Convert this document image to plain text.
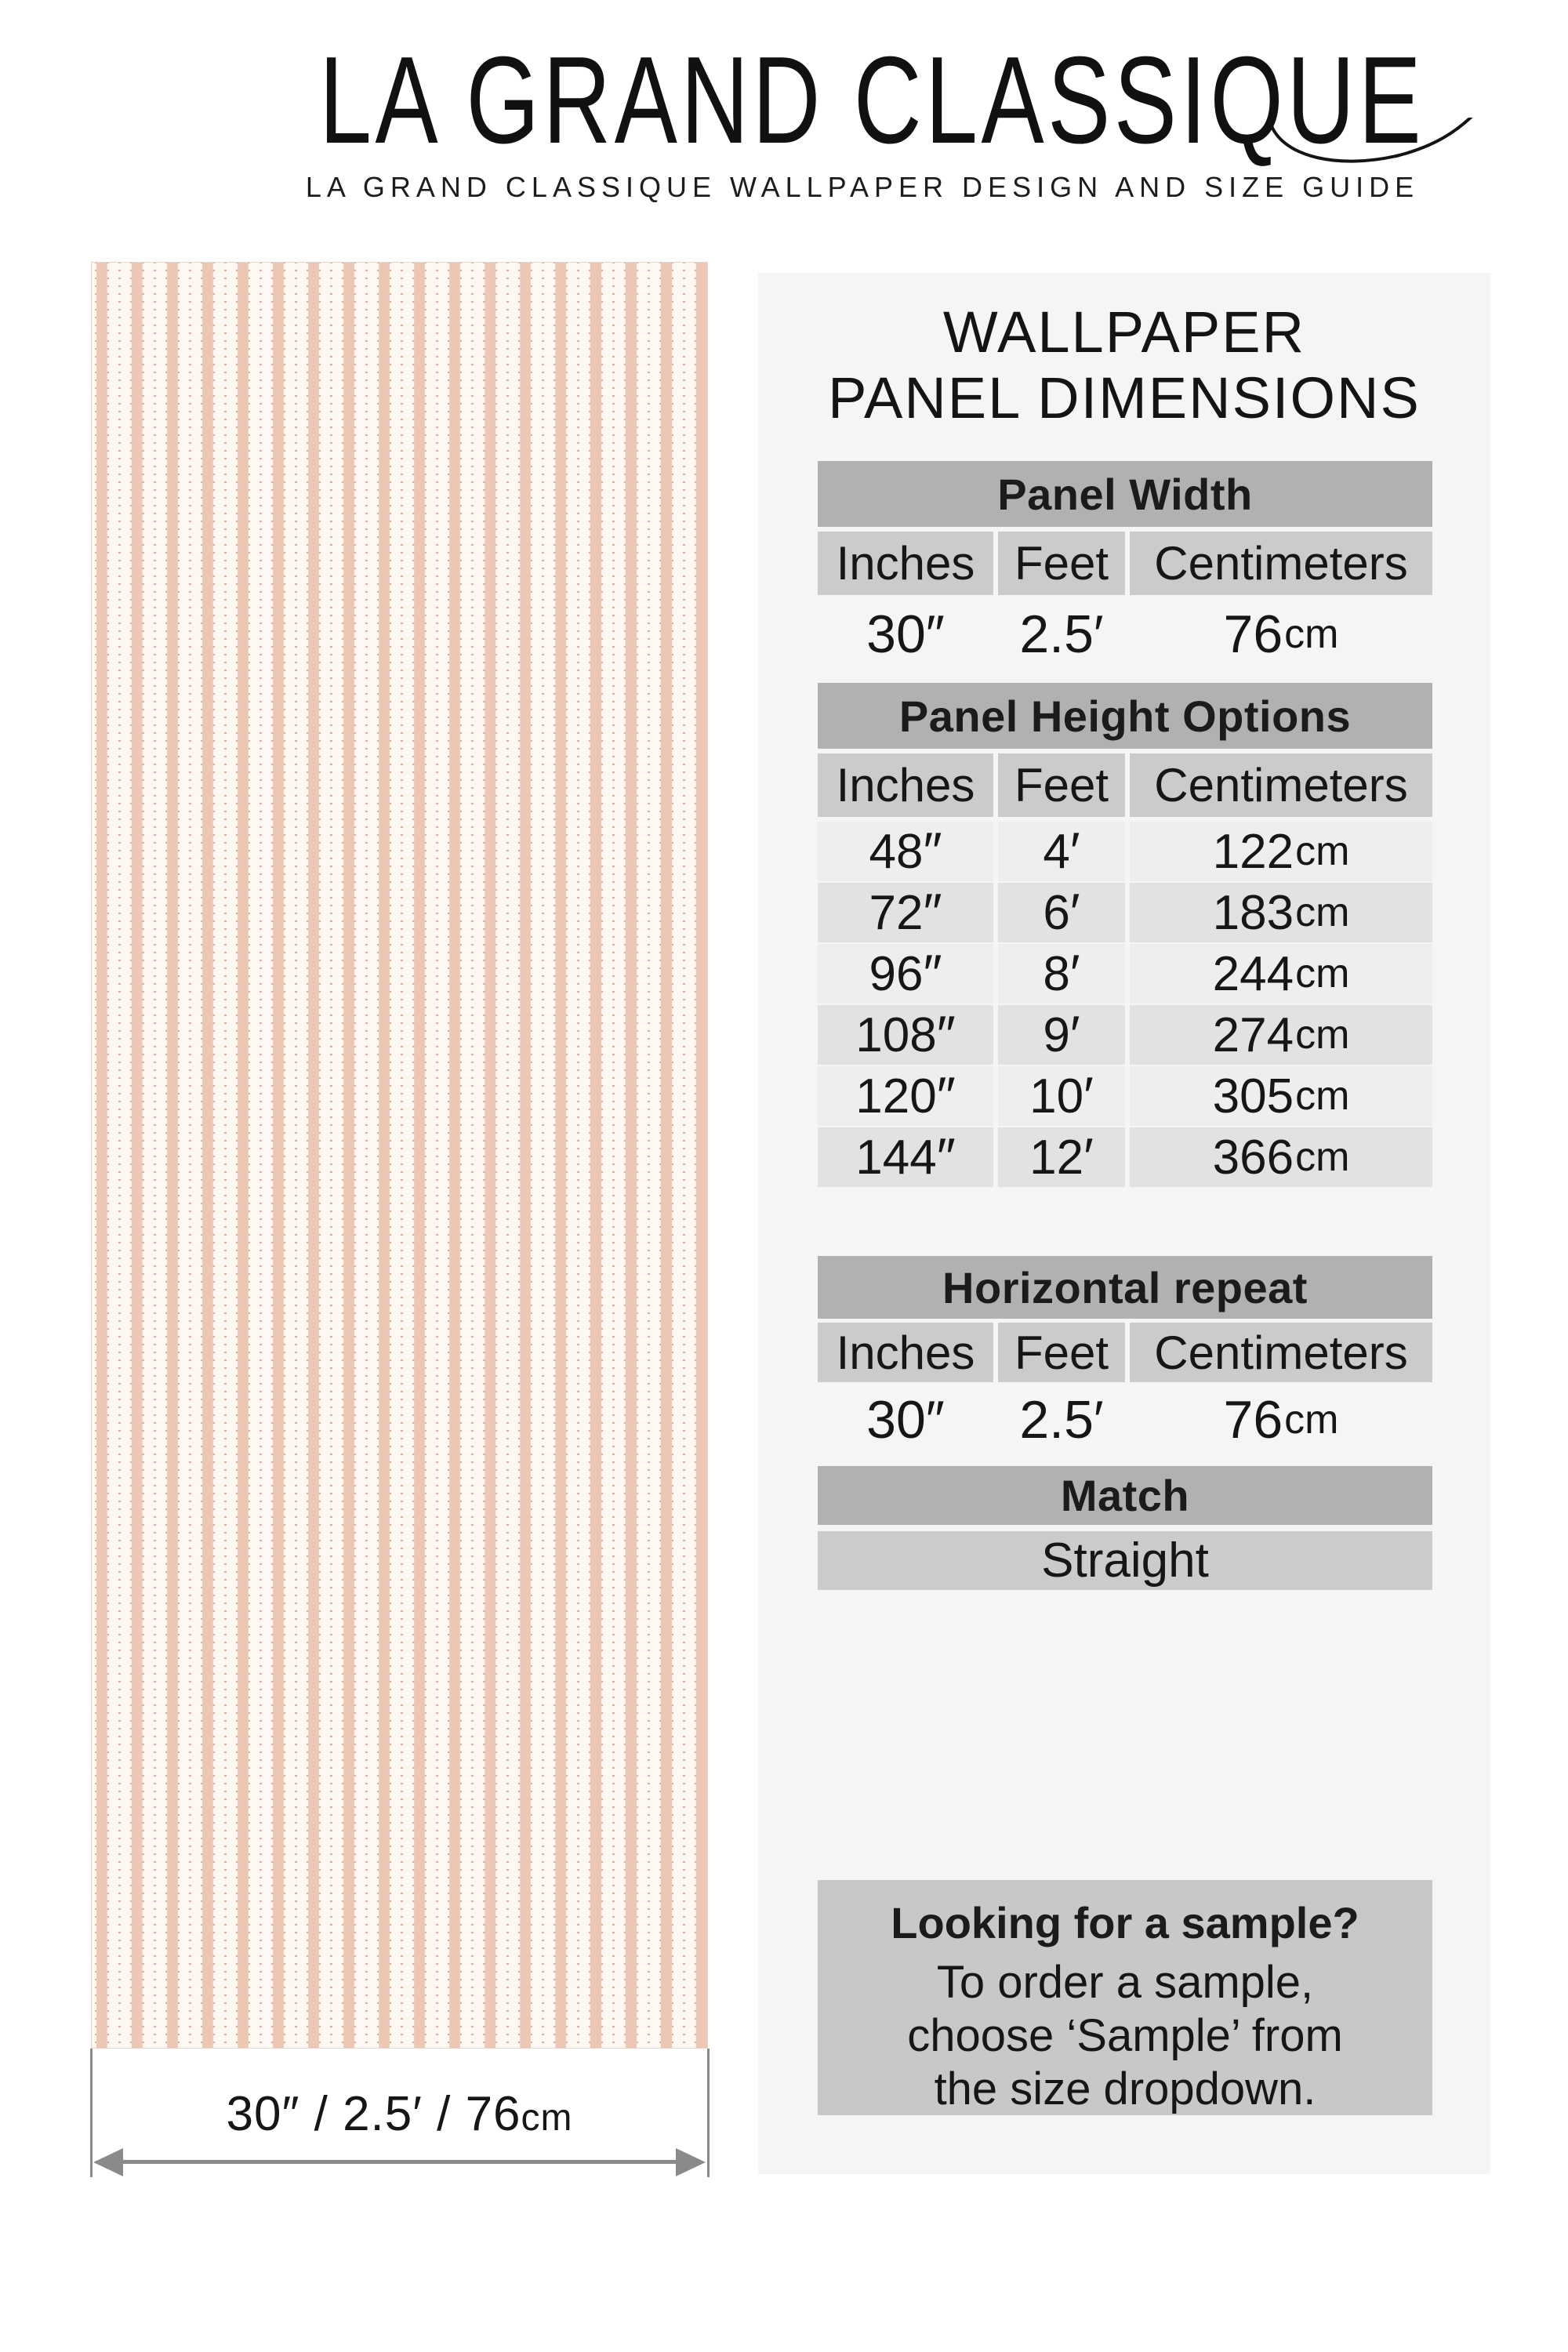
LA GRAND CLASSIQUE
LA GRAND CLASSIQUE WALLPAPER DESIGN AND SIZE GUIDE
30″ / 2.5′ / 76cm
WALLPAPER
PANEL DIMENSIONS
Panel Width
Inches Feet Centimeters
30 ″ 2.5 ′ 76 cm
Panel Height Options
Inches Feet Centimeters
48 ″ 4 ′	122 cm
72 ″ 6 ′	183 cm
96 ″ 8 ′	244 cm
108 ″ 9 ′	274 cm
120 ″ 10 ′ 305 cm
144 ″ 12 ′ 366 cm
Horizontal repeat
Inches Feet Centimeters
30 ″ 2.5 ′ 76 cm
Match
Straight
Looking for a sample?
To order a sample,
choose ‘Sample’ from
the size dropdown.
